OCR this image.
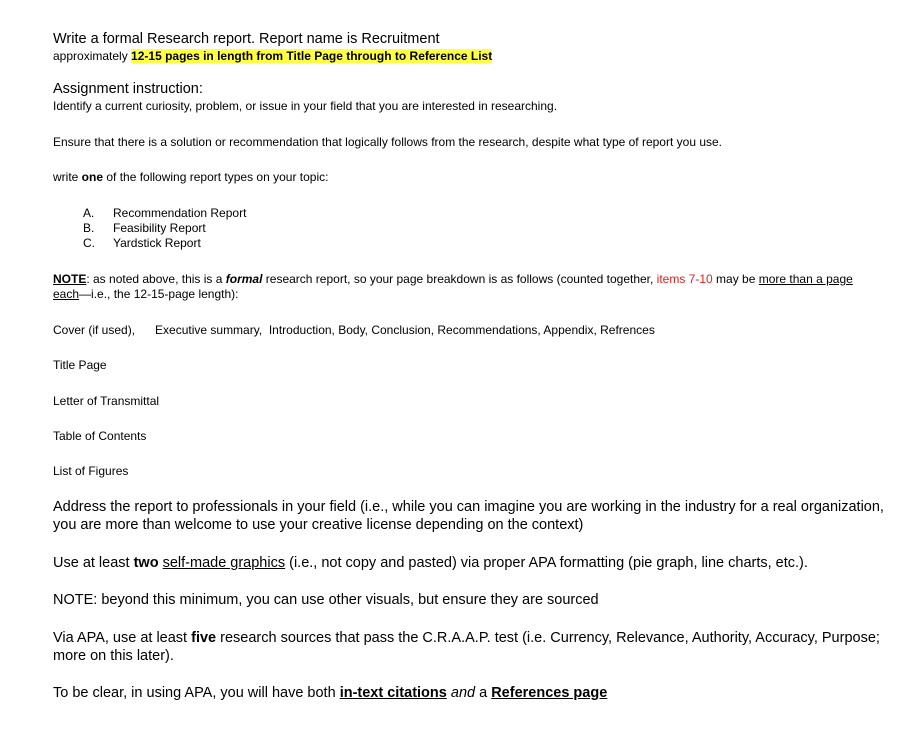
Write a formal Research report. Report name is Recruitment
approximately 12-15 pages in length from Title Page through to Reference List
Assignment instruction:
Identify a current curiosity, problem, or issue in your field that you are interested in researching.
Ensure that there is a solution or recommendation that logically follows from the research, despite what type of report you use.
write one of the following report types on your topic:
A. Recommendation Report
B. Feasibility Report
C. Yardstick Report
NOTE: as noted above, this is a formal research report, so your page breakdown is as follows (counted together, items 7-10 may be more than a page
each—i.e., the 12-15-page length):
Cover (if used),      Executive summary,  Introduction, Body, Conclusion, Recommendations, Appendix, Refrences
Title Page
Letter of Transmittal
Table of Contents
List of Figures
Address the report to professionals in your field (i.e., while you can imagine you are working in the industry for a real organization,
you are more than welcome to use your creative license depending on the context)
Use at least two self-made graphics (i.e., not copy and pasted) via proper APA formatting (pie graph, line charts, etc.).
NOTE: beyond this minimum, you can use other visuals, but ensure they are sourced
Via APA, use at least five research sources that pass the C.R.A.A.P. test (i.e. Currency, Relevance, Authority, Accuracy, Purpose;
more on this later).
To be clear, in using APA, you will have both in-text citations and a References page
